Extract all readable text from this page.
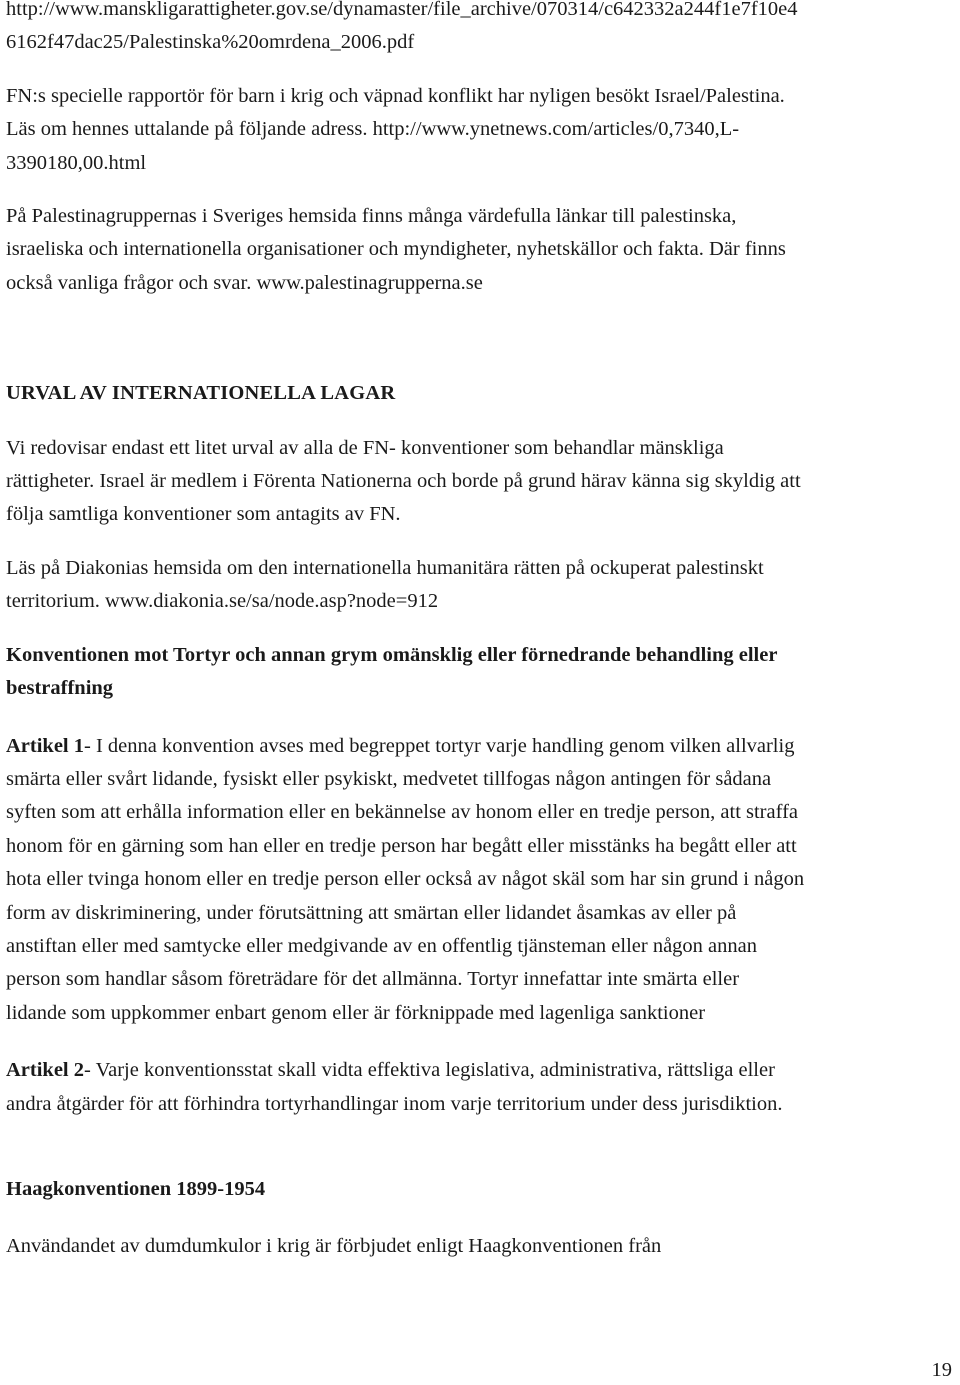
http://www.manskligarattigheter.gov.se/dynamaster/file_archive/070314/c642332a244f1e7f10e4
6162f47dac25/Palestinska%20omrdena_2006.pdf
FN:s specielle rapportör för barn i krig och väpnad konflikt har nyligen besökt Israel/Palestina.
Läs om hennes uttalande på följande adress. http://www.ynetnews.com/articles/0,7340,L-
3390180,00.html
På Palestinagruppernas i Sveriges hemsida finns många värdefulla länkar till palestinska,
israeliska och internationella organisationer och myndigheter, nyhetskällor och fakta. Där finns
också vanliga frågor och svar. www.palestinagrupperna.se
URVAL AV INTERNATIONELLA LAGAR
Vi redovisar endast ett litet urval av alla de FN- konventioner som behandlar mänskliga
rättigheter. Israel är medlem i Förenta Nationerna och borde på grund härav känna sig skyldig att
följa samtliga konventioner som antagits av FN.
Läs på Diakonias hemsida om den internationella humanitära rätten på ockuperat palestinskt
territorium. www.diakonia.se/sa/node.asp?node=912
Konventionen mot Tortyr och annan grym omänsklig eller förnedrande behandling eller
bestraffning
Artikel 1- I denna konvention avses med begreppet tortyr varje handling genom vilken allvarlig
smärta eller svårt lidande, fysiskt eller psykiskt, medvetet tillfogas någon antingen för sådana
syften som att erhålla information eller en bekännelse av honom eller en tredje person, att straffa
honom för en gärning som han eller en tredje person har begått eller misstänks ha begått eller att
hota eller tvinga honom eller en tredje person eller också av något skäl som har sin grund i någon
form av diskriminering, under förutsättning att smärtan eller lidandet åsamkas av eller på
anstiftan eller med samtycke eller medgivande av en offentlig tjänsteman eller någon annan
person som handlar såsom företrädare för det allmänna. Tortyr innefattar inte smärta eller
lidande som uppkommer enbart genom eller är förknippade med lagenliga sanktioner
Artikel 2- Varje konventionsstat skall vidta effektiva legislativa, administrativa, rättsliga eller
andra åtgärder för att förhindra tortyrhandlingar inom varje territorium under dess jurisdiktion.
Haagkonventionen 1899-1954
Användandet av dumdumkulor i krig är förbjudet enligt Haagkonventionen från
19
